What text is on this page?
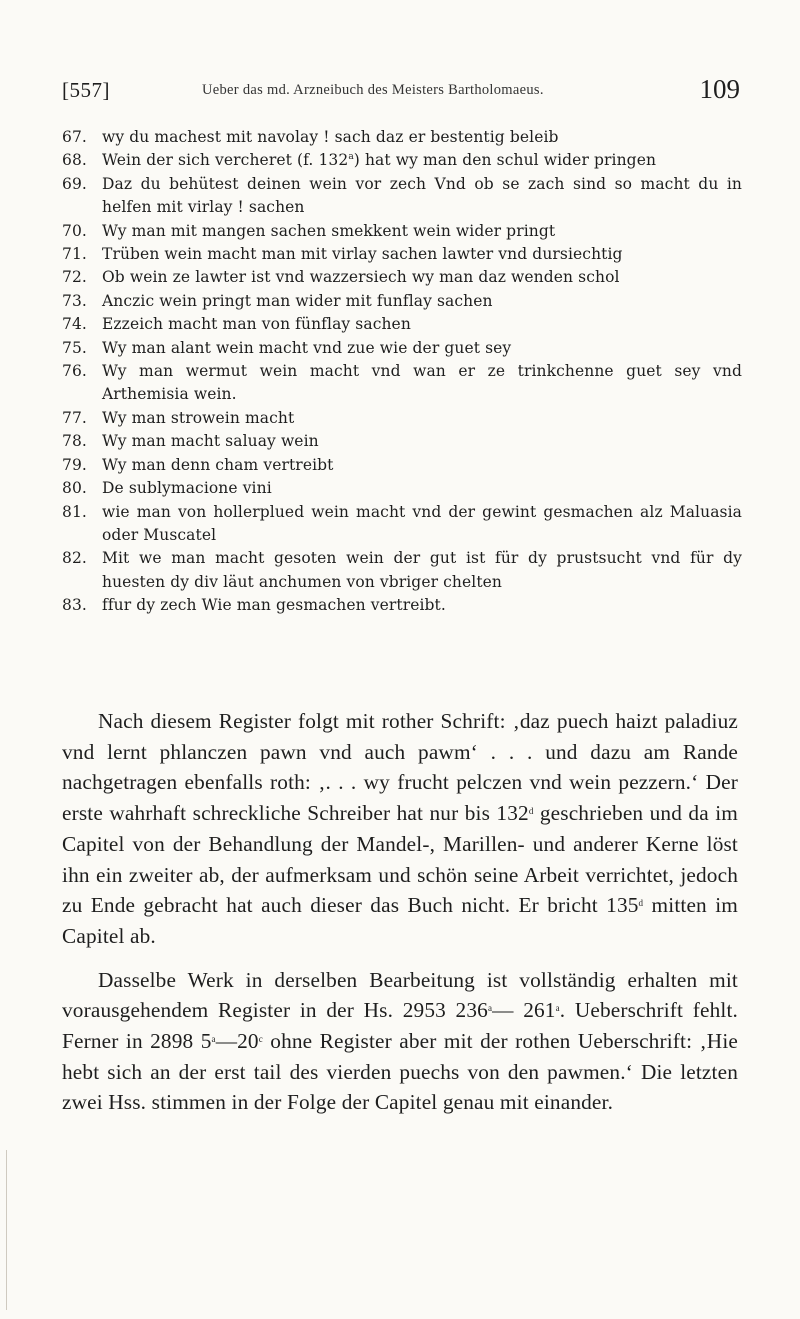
[557]	Ueber das md. Arzneibuch des Meisters Bartholomaeus.	109
67. wy du machest mit navolay ! sach daz er bestentig beleib
68. Wein der sich vercheret (f. 132$^a$) hat wy man den schul wider pringen
69. Daz du behütest deinen wein vor zech Vnd ob se zach sind so macht du in helfen mit virlay ! sachen
70. Wy man mit mangen sachen smekkent wein wider pringt
71. Trüben wein macht man mit virlay sachen lawter vnd dursiechtig
72. Ob wein ze lawter ist vnd wazzersiech wy man daz wenden schol
73. Anczic wein pringt man wider mit funflay sachen
74. Ezzeich macht man von fünflay sachen
75. Wy man alant wein macht vnd zue wie der guet sey
76. Wy man wermut wein macht vnd wan er ze trinkchenne guet sey vnd Arthemisia wein.
77. Wy man strowein macht
78. Wy man macht saluay wein
79. Wy man denn cham vertreibt
80. De sublymacione vini
81. wie man von hollerplued wein macht vnd der gewint gesmachen alz Maluasia oder Muscatel
82. Mit we man macht gesoten wein der gut ist für dy prustsucht vnd für dy huesten dy div läut anchumen von vbriger chelten
83. ffur dy zech Wie man gesmachen vertreibt.

Nach diesem Register folgt mit rother Schrift: ‚daz puech haizt paladiuz vnd lernt phlanczen pawn vnd auch pawm‘ . . . und dazu am Rande nachgetragen ebenfalls roth: ‚. . . wy frucht pelczen vnd wein pezzern.‘ Der erste wahrhaft schreckliche Schreiber hat nur bis 132$^d$ geschrieben und da im Capitel von der Behandlung der Mandel-, Marillen- und anderer Kerne löst ihn ein zweiter ab, der aufmerksam und schön seine Arbeit verrichtet, jedoch zu Ende gebracht hat auch dieser das Buch nicht. Er bricht 135$^d$ mitten im Capitel ab.

Dasselbe Werk in derselben Bearbeitung ist vollständig erhalten mit vorausgehendem Register in der Hs. 2953 236$^a$— 261$^a$. Ueberschrift fehlt. Ferner in 2898 5$^a$—20$^c$ ohne Register aber mit der rothen Ueberschrift: ‚Hie hebt sich an der erst tail des vierden puechs von den pawmen.‘ Die letzten zwei Hss. stimmen in der Folge der Capitel genau mit einander.
